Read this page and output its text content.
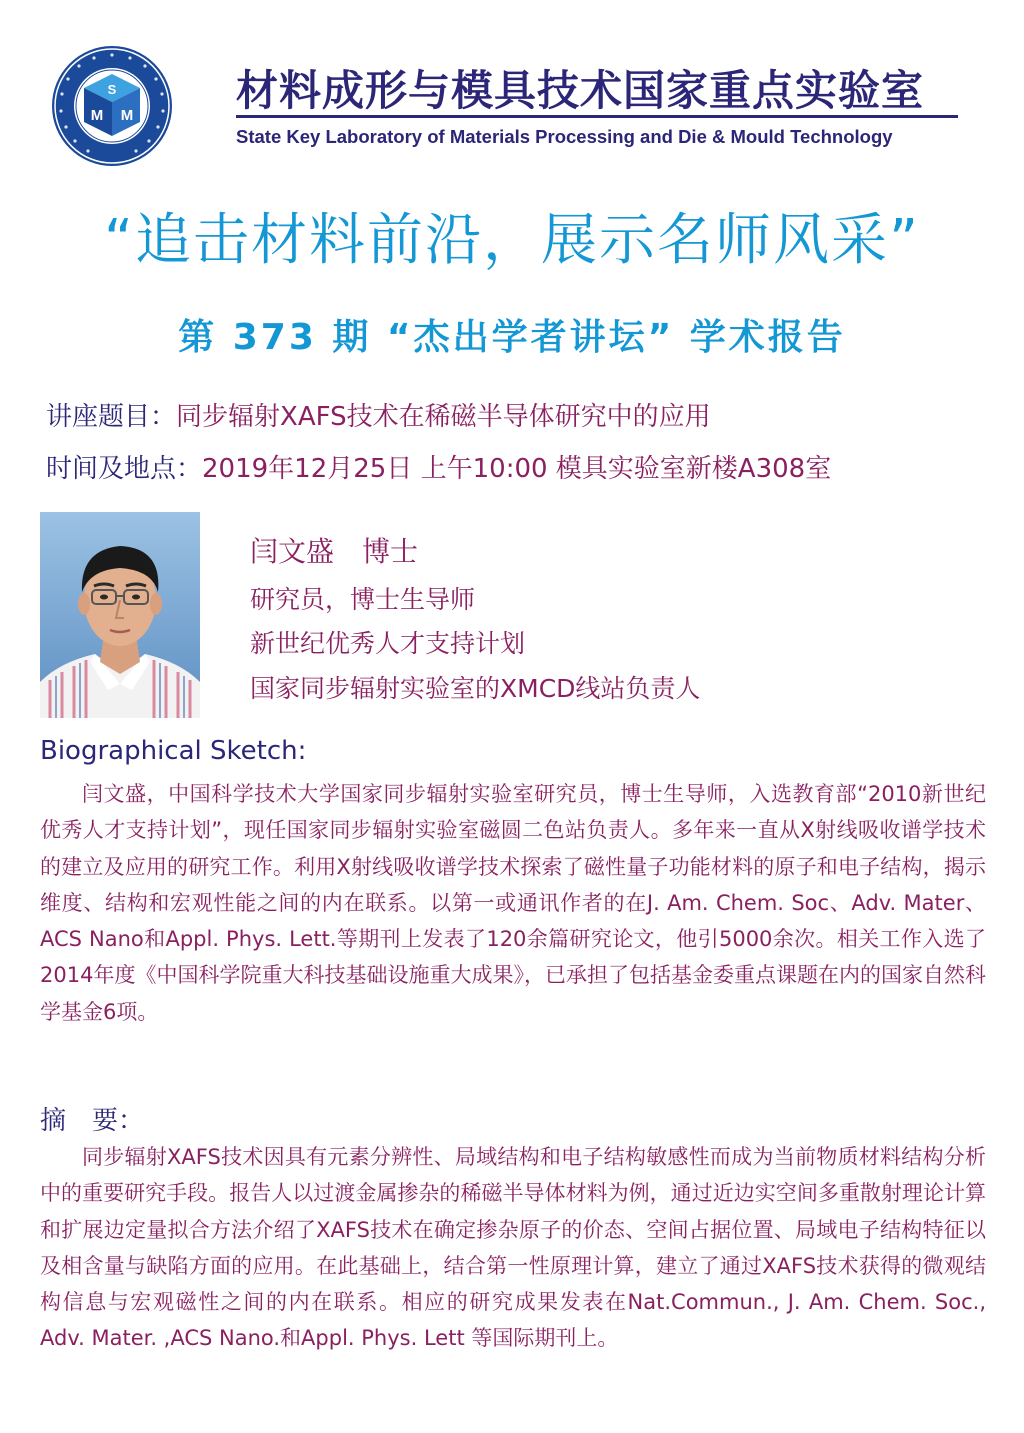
S
M M
材料成形与模具技术国家重点实验室
State Key Laboratory of Materials Processing and Die & Mould Technology
“追击材料前沿，展示名师风采”
第 373 期 “杰出学者讲坛” 学术报告
讲座题目：同步辐射XAFS技术在稀磁半导体研究中的应用
时间及地点：2019年12月25日 上午10:00 模具实验室新楼A308室
闫文盛　博士
研究员，博士生导师
新世纪优秀人才支持计划
国家同步辐射实验室的XMCD线站负责人
Biographical Sketch:

闫文盛，中国科学技术大学国家同步辐射实验室研究员，博士生导师，入选教育部“2010新世纪优秀人才支持计划”，现任国家同步辐射实验室磁圆二色站负责人。多年来一直从X射线吸收谱学技术的建立及应用的研究工作。利用X射线吸收谱学技术探索了磁性量子功能材料的原子和电子结构，揭示维度、结构和宏观性能之间的内在联系。以第一或通讯作者的在J. Am. Chem. Soc、Adv. Mater、ACS Nano和Appl. Phys. Lett.等期刊上发表了120余篇研究论文，他引5000余次。相关工作入选了2014年度《中国科学院重大科技基础设施重大成果》，已承担了包括基金委重点课题在内的国家自然科学基金6项。

摘　要：

同步辐射XAFS技术因具有元素分辨性、局域结构和电子结构敏感性而成为当前物质材料结构分析中的重要研究手段。报告人以过渡金属掺杂的稀磁半导体材料为例，通过近边实空间多重散射理论计算和扩展边定量拟合方法介绍了XAFS技术在确定掺杂原子的价态、空间占据位置、局域电子结构特征以及相含量与缺陷方面的应用。在此基础上，结合第一性原理计算，建立了通过XAFS技术获得的微观结构信息与宏观磁性之间的内在联系。相应的研究成果发表在Nat.Commun., J. Am. Chem. Soc., Adv. Mater. ,ACS Nano.和Appl. Phys. Lett 等国际期刊上。
